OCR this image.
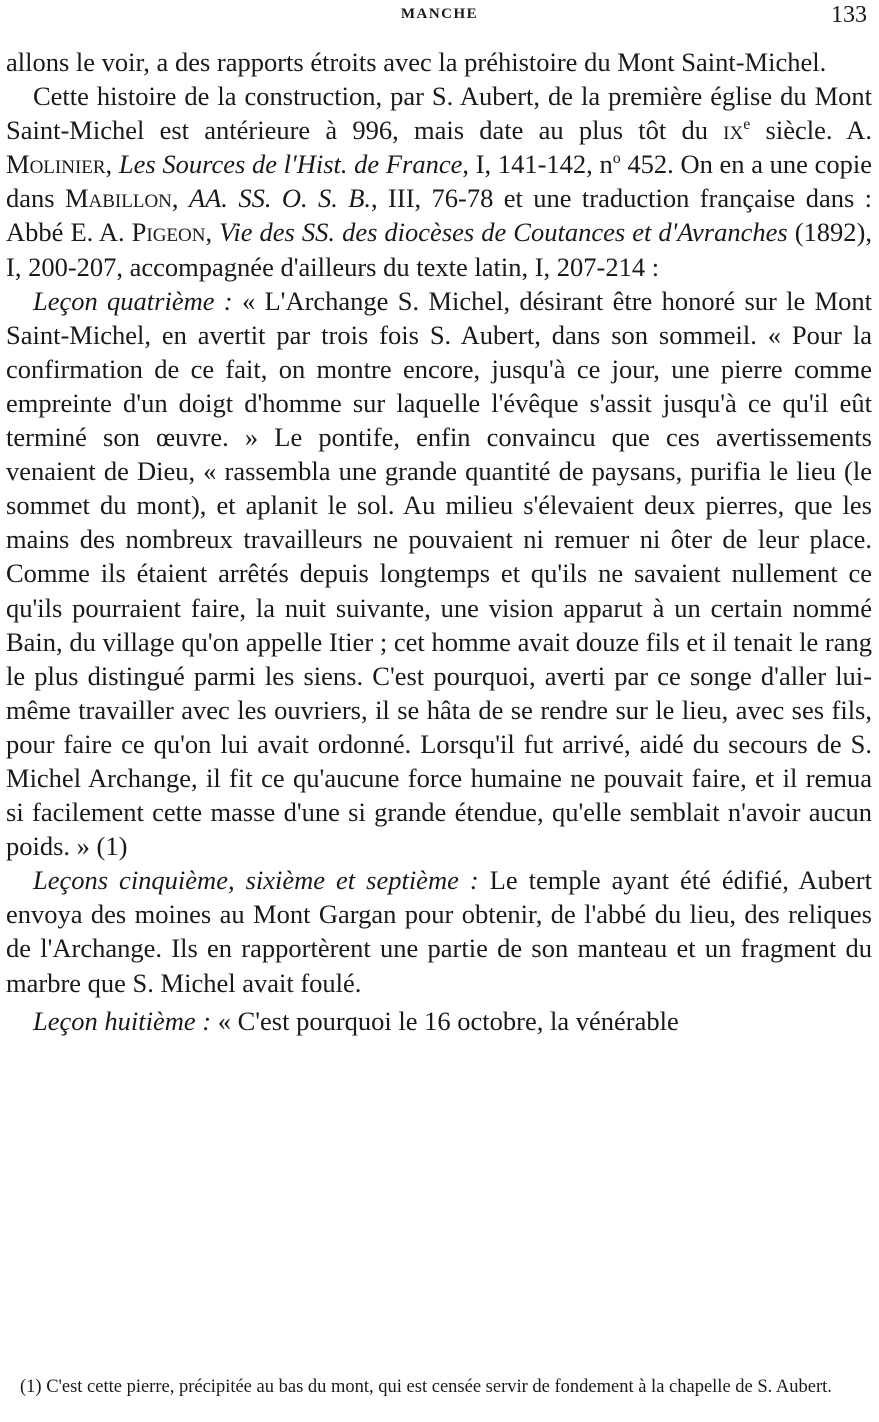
MANCHE	133

allons le voir, a des rapports étroits avec la préhistoire du Mont Saint-Michel.

Cette histoire de la construction, par S. Aubert, de la première église du Mont Saint-Michel est antérieure à 996, mais date au plus tôt du $ix^e$ siècle. A. Molinier, Les Sources de l'Hist. de France, I, 141-142, $n^o$ 452. On en a une copie dans Mabillon, AA. SS. O. S. B., III, 76-78 et une traduction française dans : Abbé E. A. Pigeon, Vie des SS. des diocèses de Coutances et d'Avranches (1892), I, 200-207, accompagnée d'ailleurs du texte latin, I, 207-214 :

Leçon quatrième : « L'Archange S. Michel, désirant être honoré sur le Mont Saint-Michel, en avertit par trois fois S. Aubert, dans son sommeil. « Pour la confirmation de ce fait, on montre encore, jusqu'à ce jour, une pierre comme empreinte d'un doigt d'homme sur laquelle l'évêque s'assit jusqu'à ce qu'il eût terminé son œuvre. » Le pontife, enfin convaincu que ces avertissements venaient de Dieu, « rassembla une grande quantité de paysans, purifia le lieu (le sommet du mont), et aplanit le sol. Au milieu s'élevaient deux pierres, que les mains des nombreux travailleurs ne pouvaient ni remuer ni ôter de leur place. Comme ils étaient arrêtés depuis longtemps et qu'ils ne savaient nullement ce qu'ils pourraient faire, la nuit suivante, une vision apparut à un certain nommé Bain, du village qu'on appelle Itier ; cet homme avait douze fils et il tenait le rang le plus distingué parmi les siens. C'est pourquoi, averti par ce songe d'aller lui-même travailler avec les ouvriers, il se hâta de se rendre sur le lieu, avec ses fils, pour faire ce qu'on lui avait ordonné. Lorsqu'il fut arrivé, aidé du secours de S. Michel Archange, il fit ce qu'aucune force humaine ne pouvait faire, et il remua si facilement cette masse d'une si grande étendue, qu'elle semblait n'avoir aucun poids. » (1)

Leçons cinquième, sixième et septième : Le temple ayant été édifié, Aubert envoya des moines au Mont Gargan pour obtenir, de l'abbé du lieu, des reliques de l'Archange. Ils en rapportèrent une partie de son manteau et un fragment du marbre que S. Michel avait foulé.

Leçon huitième : « C'est pourquoi le 16 octobre, la vénérable

(1) C'est cette pierre, précipitée au bas du mont, qui est censée servir de fondement à la chapelle de S. Aubert.
